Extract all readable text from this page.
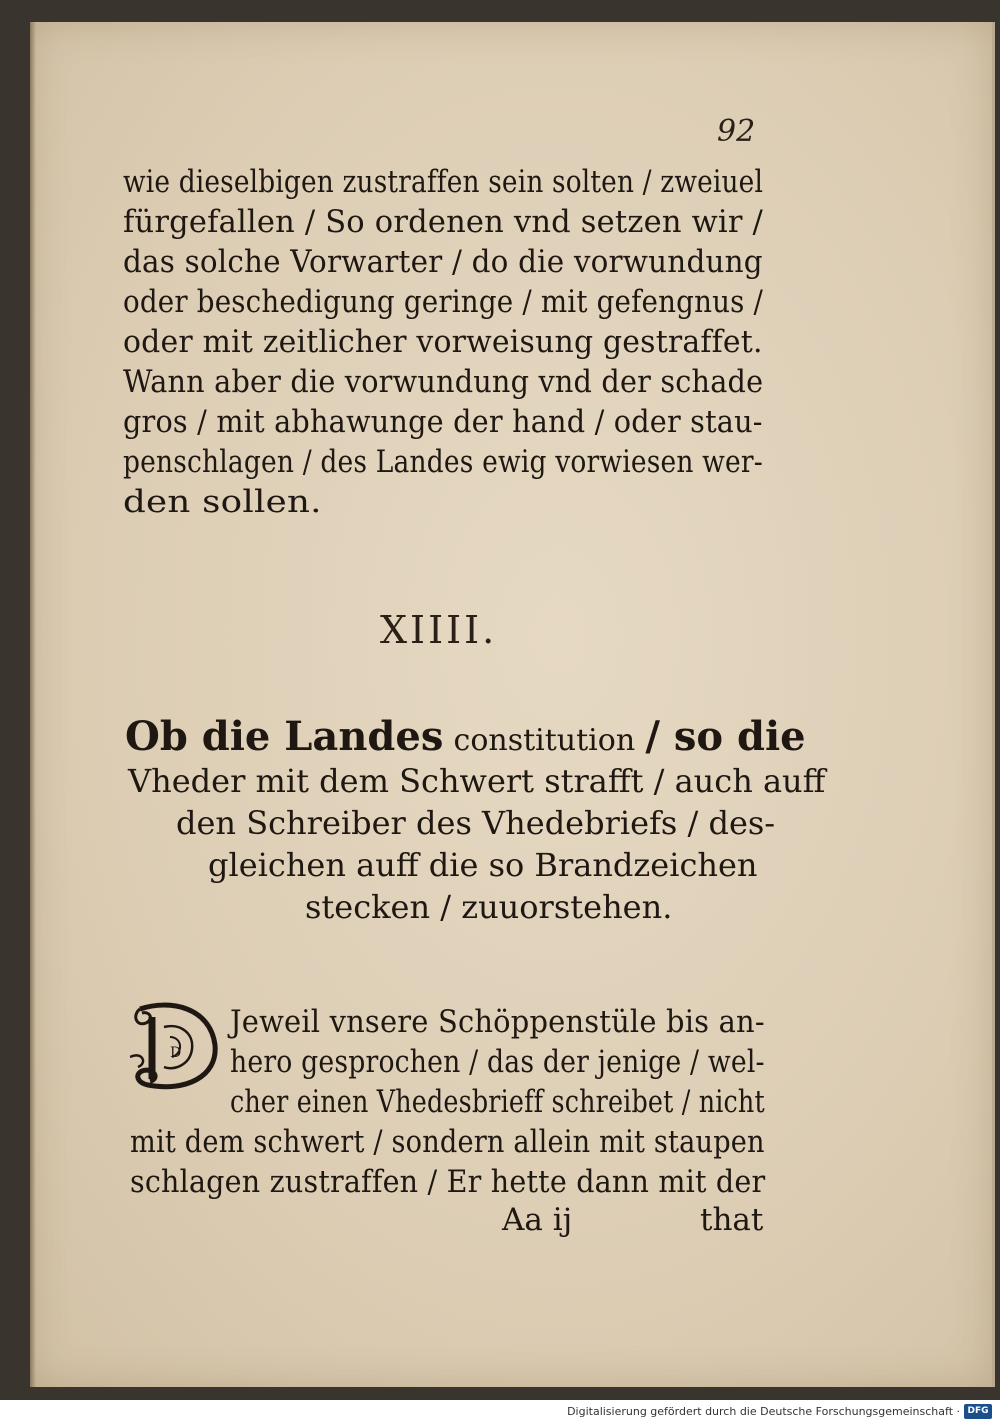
92
wie dieselbigen zustraffen sein solten / zweiuel
fürgefallen / So ordenen vnd setzen wir /
das solche Vorwarter / do die vorwundung
oder beschedigung geringe / mit gefengnus /
oder mit zeitlicher vorweisung gestraffet.
Wann aber die vorwundung vnd der schade
gros / mit abhawunge der hand / oder stau-
penschlagen / des Landes ewig vorwiesen wer-
den sollen.
XIIII.
Ob die Landes constitution / so die
Vheder mit dem Schwert strafft / auch auff
den Schreiber des Vhedebriefs / des-
gleichen auff die so Brandzeichen
stecken / zuuorstehen.
D
Jeweil vnsere Schöppenstüle bis an-
hero gesprochen / das der jenige / wel-
cher einen Vhedesbrieff schreibet / nicht
mit dem schwert / sondern allein mit staupen
schlagen zustraffen / Er hette dann mit der
Aa ij	that
Digitalisierung gefördert durch die Deutsche Forschungsgemeinschaft · DFG
